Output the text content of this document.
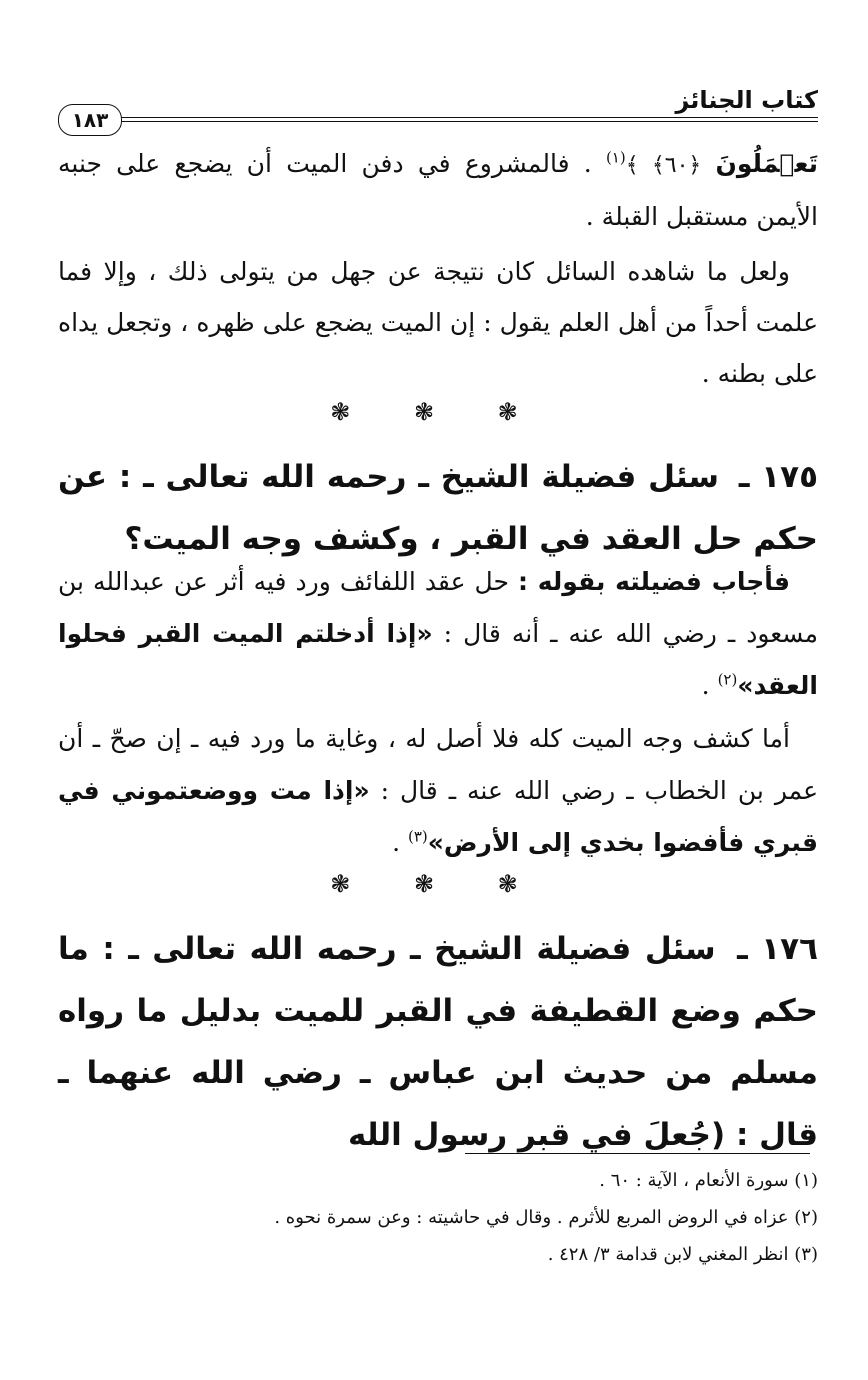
كتاب الجنائز
١٨٣
تَعۡمَلُونَ ﴿٦٠﴾ ﴾$^{(١)}$ . فالمشروع في دفن الميت أن يضجع على جنبه الأيمن مستقبل القبلة .
ولعل ما شاهده السائل كان نتيجة عن جهل من يتولى ذلك ، وإلا فما علمت أحداً من أهل العلم يقول : إن الميت يضجع على ظهره ، وتجعل يداه على بطنه .
❃ ❃ ❃
١٧٥ ـ سئل فضيلة الشيخ ـ رحمه الله تعالى ـ : عن حكم حل العقد في القبر ، وكشف وجه الميت؟
فأجاب فضيلته بقوله : حل عقد اللفائف ورد فيه أثر عن عبدالله بن مسعود ـ رضي الله عنه ـ أنه قال : «إذا أدخلتم الميت القبر فحلوا العقد»$^{(٢)}$ .
أما كشف وجه الميت كله فلا أصل له ، وغاية ما ورد فيه ـ إن صحّ ـ أن عمر بن الخطاب ـ رضي الله عنه ـ قال : «إذا مت ووضعتموني في قبري فأفضوا بخدي إلى الأرض»$^{(٣)}$ .
❃ ❃ ❃
١٧٦ ـ سئل فضيلة الشيخ ـ رحمه الله تعالى ـ : ما حكم وضع القطيفة في القبر للميت بدليل ما رواه مسلم من حديث ابن عباس ـ رضي الله عنهما ـ قال : (جُعلَ في قبر رسول الله
(١) سورة الأنعام ، الآية : ٦٠ .
(٢) عزاه في الروض المربع للأثرم . وقال في حاشيته : وعن سمرة نحوه .
(٣) انظر المغني لابن قدامة ٣/ ٤٢٨ .
